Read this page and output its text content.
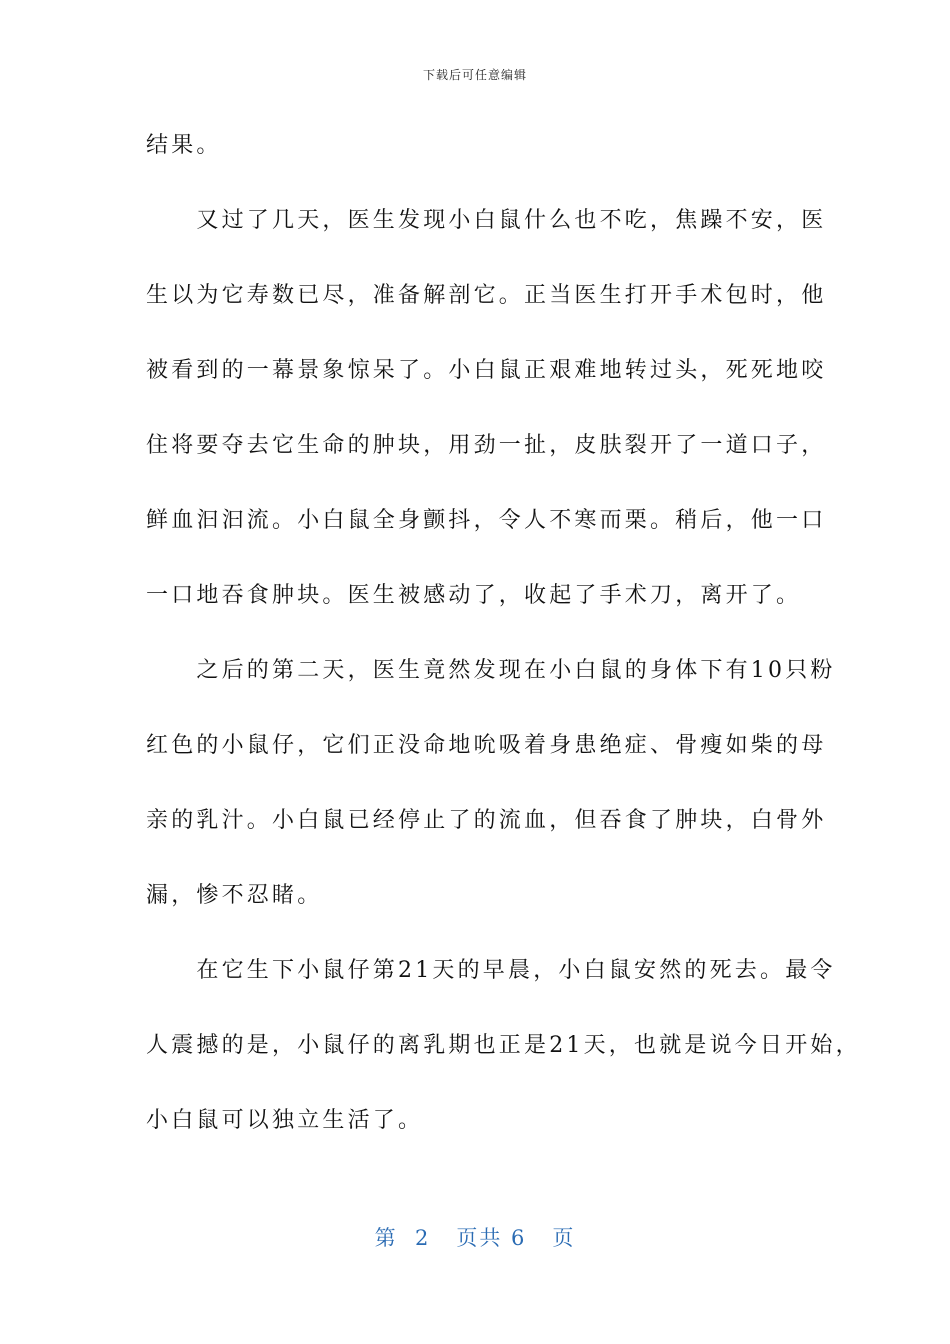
下载后可任意编辑
结果。
　　又过了几天，医生发现小白鼠什么也不吃，焦躁不安，医
生以为它寿数已尽，准备解剖它。正当医生打开手术包时，他
被看到的一幕景象惊呆了。小白鼠正艰难地转过头，死死地咬
住将要夺去它生命的肿块，用劲一扯，皮肤裂开了一道口子，
鲜血汩汩流。小白鼠全身颤抖，令人不寒而栗。稍后，他一口
一口地吞食肿块。医生被感动了，收起了手术刀，离开了。
　　之后的第二天，医生竟然发现在小白鼠的身体下有10只粉
红色的小鼠仔，它们正没命地吮吸着身患绝症、骨瘦如柴的母
亲的乳汁。小白鼠已经停止了的流血，但吞食了肿块，白骨外
漏，惨不忍睹。
　　在它生下小鼠仔第21天的早晨，小白鼠安然的死去。最令
人震撼的是，小鼠仔的离乳期也正是21天，也就是说今日开始，
小白鼠可以独立生活了。
第  2   页共 6   页
